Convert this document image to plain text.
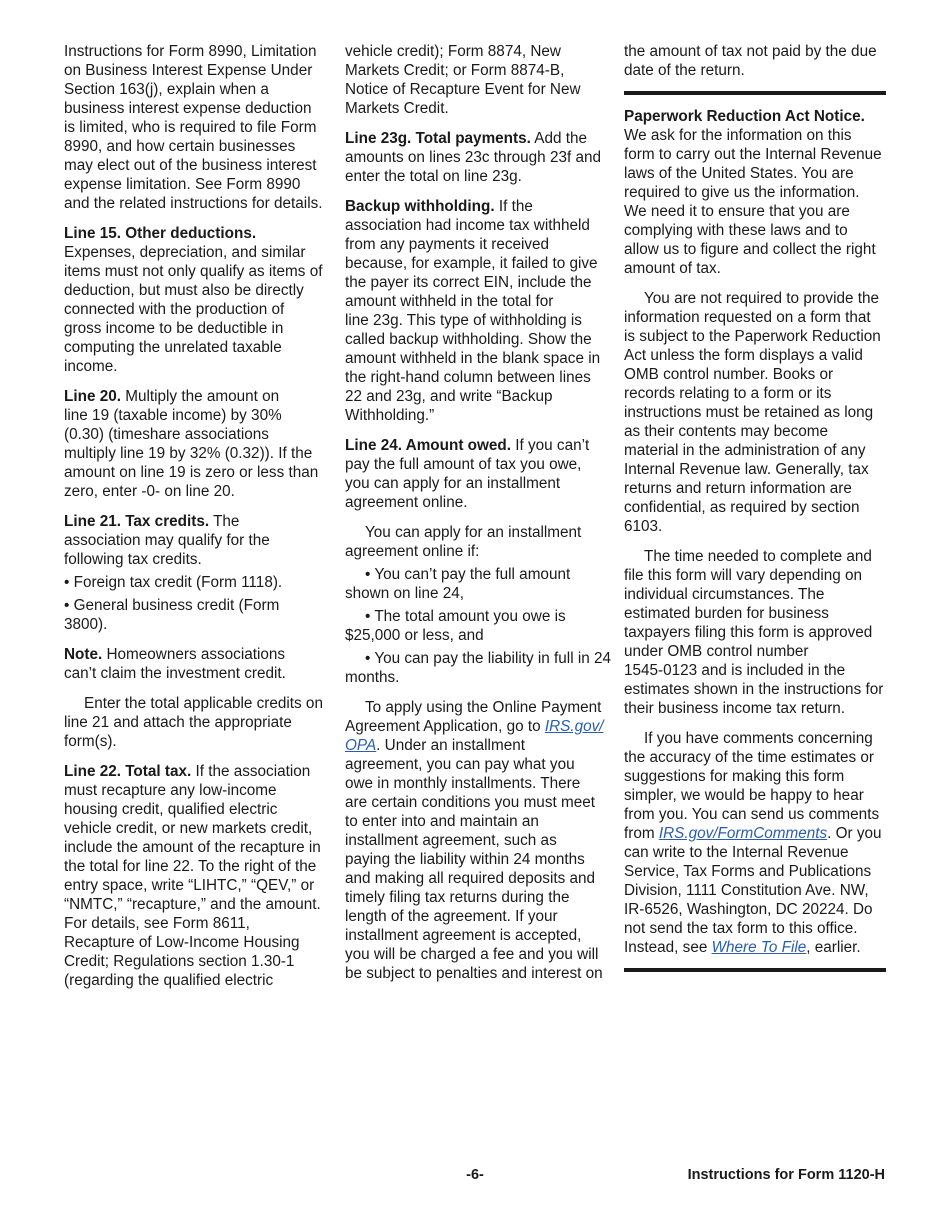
Instructions for Form 8990, Limitation
on Business Interest Expense Under
Section 163(j), explain when a
business interest expense deduction
is limited, who is required to file Form
8990, and how certain businesses
may elect out of the business interest
expense limitation. See Form 8990
and the related instructions for details.
Line 15. Other deductions.
Expenses, depreciation, and similar
items must not only qualify as items of
deduction, but must also be directly
connected with the production of
gross income to be deductible in
computing the unrelated taxable
income.
Line 20. Multiply the amount on
line 19 (taxable income) by 30%
(0.30) (timeshare associations
multiply line 19 by 32% (0.32)). If the
amount on line 19 is zero or less than
zero, enter -0- on line 20.
Line 21. Tax credits. The
association may qualify for the
following tax credits.
• Foreign tax credit (Form 1118).
• General business credit (Form
3800).
Note. Homeowners associations
can’t claim the investment credit.
Enter the total applicable credits on
line 21 and attach the appropriate
form(s).
Line 22. Total tax. If the association
must recapture any low-income
housing credit, qualified electric
vehicle credit, or new markets credit,
include the amount of the recapture in
the total for line 22. To the right of the
entry space, write “LIHTC,” “QEV,” or
“NMTC,” “recapture,” and the amount.
For details, see Form 8611,
Recapture of Low-Income Housing
Credit; Regulations section 1.30-1
(regarding the qualified electric
vehicle credit); Form 8874, New
Markets Credit; or Form 8874-B,
Notice of Recapture Event for New
Markets Credit.
Line 23g. Total payments. Add the
amounts on lines 23c through 23f and
enter the total on line 23g.
Backup withholding. If the
association had income tax withheld
from any payments it received
because, for example, it failed to give
the payer its correct EIN, include the
amount withheld in the total for
line 23g. This type of withholding is
called backup withholding. Show the
amount withheld in the blank space in
the right-hand column between lines
22 and 23g, and write “Backup
Withholding.”
Line 24. Amount owed. If you can’t
pay the full amount of tax you owe,
you can apply for an installment
agreement online.
You can apply for an installment
agreement online if:
• You can’t pay the full amount
shown on line 24,
• The total amount you owe is
$25,000 or less, and
• You can pay the liability in full in 24
months.
To apply using the Online Payment
Agreement Application, go to IRS.gov/
OPA. Under an installment
agreement, you can pay what you
owe in monthly installments. There
are certain conditions you must meet
to enter into and maintain an
installment agreement, such as
paying the liability within 24 months
and making all required deposits and
timely filing tax returns during the
length of the agreement. If your
installment agreement is accepted,
you will be charged a fee and you will
be subject to penalties and interest on
the amount of tax not paid by the due
date of the return.
Paperwork Reduction Act Notice.
We ask for the information on this
form to carry out the Internal Revenue
laws of the United States. You are
required to give us the information.
We need it to ensure that you are
complying with these laws and to
allow us to figure and collect the right
amount of tax.
You are not required to provide the
information requested on a form that
is subject to the Paperwork Reduction
Act unless the form displays a valid
OMB control number. Books or
records relating to a form or its
instructions must be retained as long
as their contents may become
material in the administration of any
Internal Revenue law. Generally, tax
returns and return information are
confidential, as required by section
6103.
The time needed to complete and
file this form will vary depending on
individual circumstances. The
estimated burden for business
taxpayers filing this form is approved
under OMB control number
1545-0123 and is included in the
estimates shown in the instructions for
their business income tax return.
If you have comments concerning
the accuracy of the time estimates or
suggestions for making this form
simpler, we would be happy to hear
from you. You can send us comments
from IRS.gov/FormComments. Or you
can write to the Internal Revenue
Service, Tax Forms and Publications
Division, 1111 Constitution Ave. NW,
IR-6526, Washington, DC 20224. Do
not send the tax form to this office.
Instead, see Where To File, earlier.
-6-	Instructions for Form 1120-H
